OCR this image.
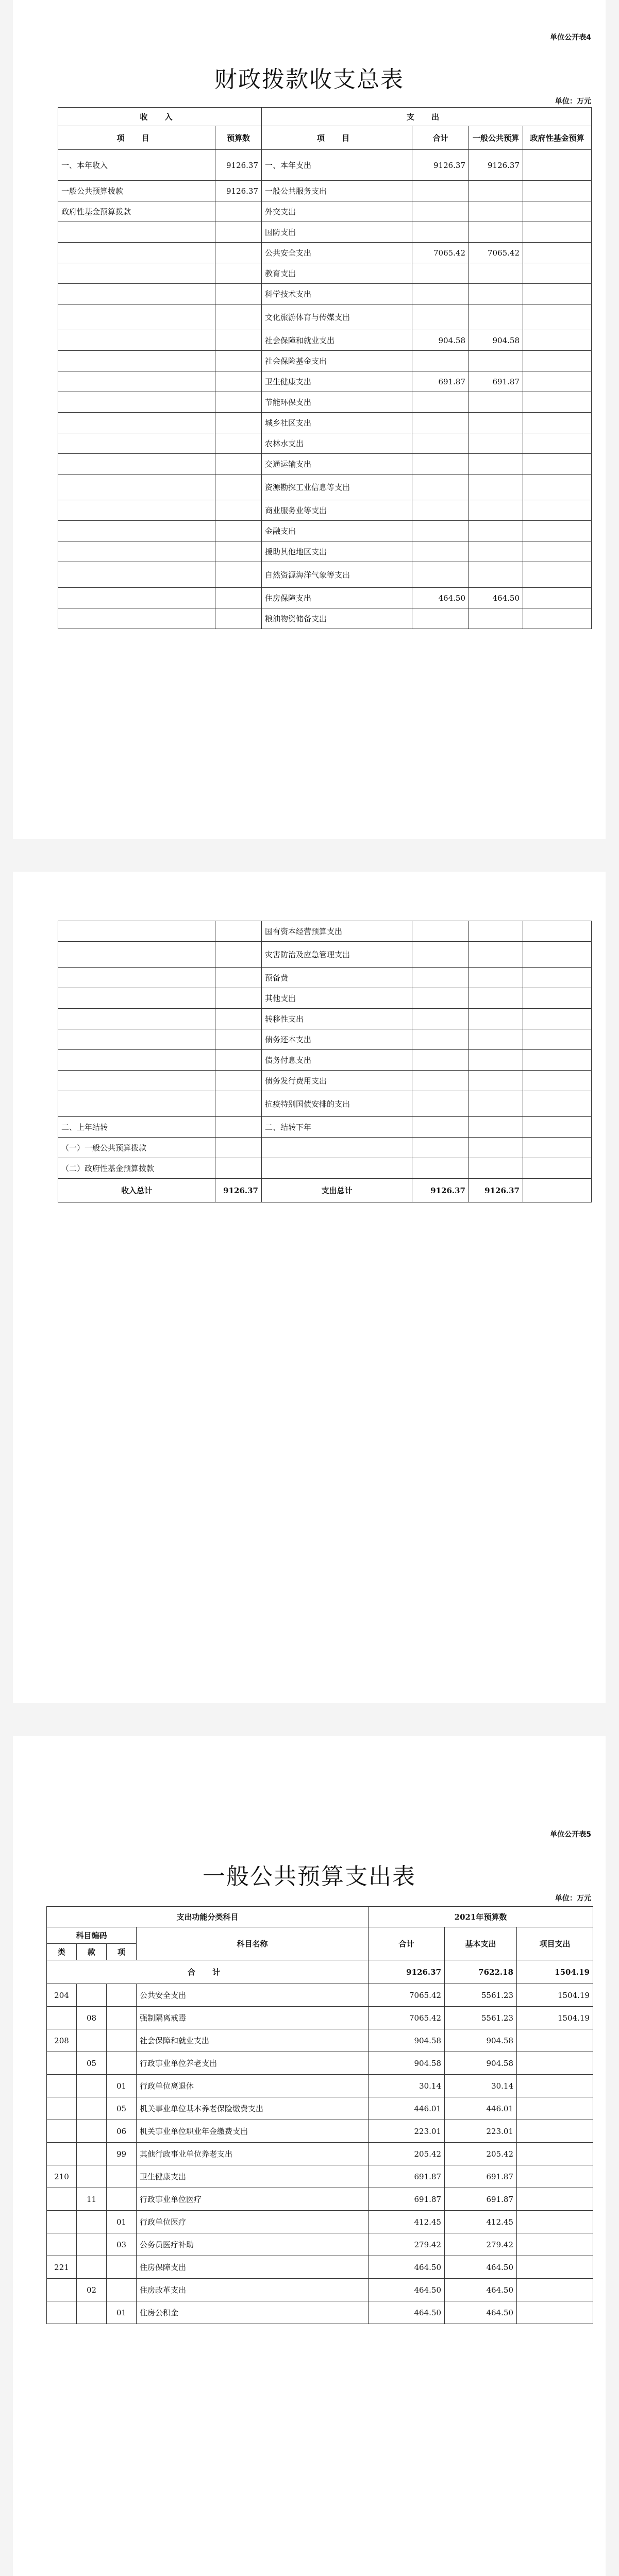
单位公开表4
财政拨款收支总表
单位：万元
收 入		支 出			
项 目	预算数	项 目	合计	一般公共预算	政府性基金预算
一、本年收入	9126.37	一、本年支出	9126.37	9126.37	
一般公共预算拨款	9126.37	一般公共服务支出			
政府性基金预算拨款		外交支出			
		国防支出			
		公共安全支出	7065.42	7065.42	
		教育支出			
		科学技术支出			
		文化旅游体育与传媒支出			
		社会保障和就业支出	904.58	904.58	
		社会保险基金支出			
		卫生健康支出	691.87	691.87	
		节能环保支出			
		城乡社区支出			
		农林水支出			
		交通运输支出			
		资源勘探工业信息等支出			
		商业服务业等支出			
		金融支出			
		援助其他地区支出			
		自然资源海洋气象等支出			
		住房保障支出	464.50	464.50	
		粮油物资储备支出			
		国有资本经营预算支出			
		灾害防治及应急管理支出			
		预备费			
		其他支出			
		转移性支出			
		债务还本支出			
		债务付息支出			
		债务发行费用支出			
		抗疫特别国债安排的支出			
二、上年结转		二、结转下年			
（一）一般公共预算拨款					
（二）政府性基金预算拨款					
收入总计	9126.37	支出总计	9126.37	9126.37	
单位公开表5
一般公共预算支出表
单位：万元
支出功能分类科目				2021年预算数		
科目编码			科目名称	合计	基本支出	项目支出
类	款	项				
合 计				9126.37	7622.18	1504.19
204			公共安全支出	7065.42	5561.23	1504.19
	08		强制隔离戒毒	7065.42	5561.23	1504.19
208			社会保障和就业支出	904.58	904.58	
	05		行政事业单位养老支出	904.58	904.58	
		01	行政单位离退休	30.14	30.14	
		05	机关事业单位基本养老保险缴费支出	446.01	446.01	
		06	机关事业单位职业年金缴费支出	223.01	223.01	
		99	其他行政事业单位养老支出	205.42	205.42	
210			卫生健康支出	691.87	691.87	
	11		行政事业单位医疗	691.87	691.87	
		01	行政单位医疗	412.45	412.45	
		03	公务员医疗补助	279.42	279.42	
221			住房保障支出	464.50	464.50	
	02		住房改革支出	464.50	464.50	
		01	住房公积金	464.50	464.50	
